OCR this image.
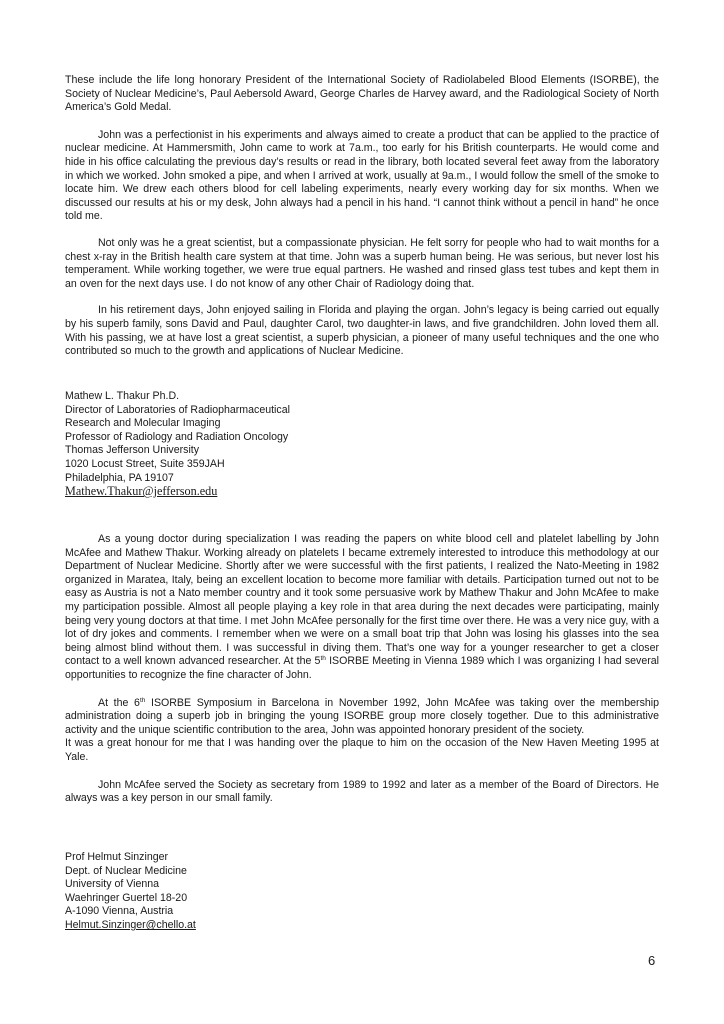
These include the life long honorary President of the International Society of Radiolabeled Blood Elements (ISORBE), the Society of Nuclear Medicine’s, Paul Aebersold Award, George Charles de Harvey award, and the Radiological Society of North America’s Gold Medal.

John was a perfectionist in his experiments and always aimed to create a product that can be applied to the practice of nuclear medicine. At Hammersmith, John came to work at 7a.m., too early for his British counterparts. He would come and hide in his office calculating the previous day’s results or read in the library, both located several feet away from the laboratory in which we worked. John smoked a pipe, and when I arrived at work, usually at 9a.m., I would follow the smell of the smoke to locate him. We drew each others blood for cell labeling experiments, nearly every working day for six months. When we discussed our results at his or my desk, John always had a pencil in his hand. “I cannot think without a pencil in hand” he once told me.

Not only was he a great scientist, but a compassionate physician. He felt sorry for people who had to wait months for a chest x-ray in the British health care system at that time. John was a superb human being. He was serious, but never lost his temperament. While working together, we were true equal partners. He washed and rinsed glass test tubes and kept them in an oven for the next days use. I do not know of any other Chair of Radiology doing that.

In his retirement days, John enjoyed sailing in Florida and playing the organ. John’s legacy is being carried out equally by his superb family, sons David and Paul, daughter Carol, two daughter-in laws, and five grandchildren. John loved them all. With his passing, we at have lost a great scientist, a superb physician, a pioneer of many useful techniques and the one who contributed so much to the growth and applications of Nuclear Medicine.

Mathew L. Thakur Ph.D.
Director of Laboratories of Radiopharmaceutical
Research and Molecular Imaging
Professor of Radiology and Radiation Oncology
Thomas Jefferson University
1020 Locust Street, Suite 359JAH
Philadelphia, PA 19107
Mathew.Thakur@jefferson.edu

As a young doctor during specialization I was reading the papers on white blood cell and platelet labelling by John McAfee and Mathew Thakur. Working already on platelets I became extremely interested to introduce this methodology at our Department of Nuclear Medicine. Shortly after we were successful with the first patients, I realized the Nato-Meeting in 1982 organized in Maratea, Italy, being an excellent location to become more familiar with details. Participation turned out not to be easy as Austria is not a Nato member country and it took some persuasive work by Mathew Thakur and John McAfee to make my participation possible. Almost all people playing a key role in that area during the next decades were participating, mainly being very young doctors at that time. I met John McAfee personally for the first time over there. He was a very nice guy, with a lot of dry jokes and comments. I remember when we were on a small boat trip that John was losing his glasses into the sea being almost blind without them. I was successful in diving them. That’s one way for a younger researcher to get a closer contact to a well known advanced researcher. At the 5th ISORBE Meeting in Vienna 1989 which I was organizing I had several opportunities to recognize the fine character of John.

At the 6th ISORBE Symposium in Barcelona in November 1992, John McAfee was taking over the membership administration doing a superb job in bringing the young ISORBE group more closely together. Due to this administrative activity and the unique scientific contribution to the area, John was appointed honorary president of the society.

It was a great honour for me that I was handing over the plaque to him on the occasion of the New Haven Meeting 1995 at Yale.

John McAfee served the Society as secretary from 1989 to 1992 and later as a member of the Board of Directors. He always was a key person in our small family.

Prof Helmut Sinzinger
Dept. of Nuclear Medicine
University of Vienna
Waehringer Guertel 18-20
A-1090 Vienna, Austria
Helmut.Sinzinger@chello.at
6
